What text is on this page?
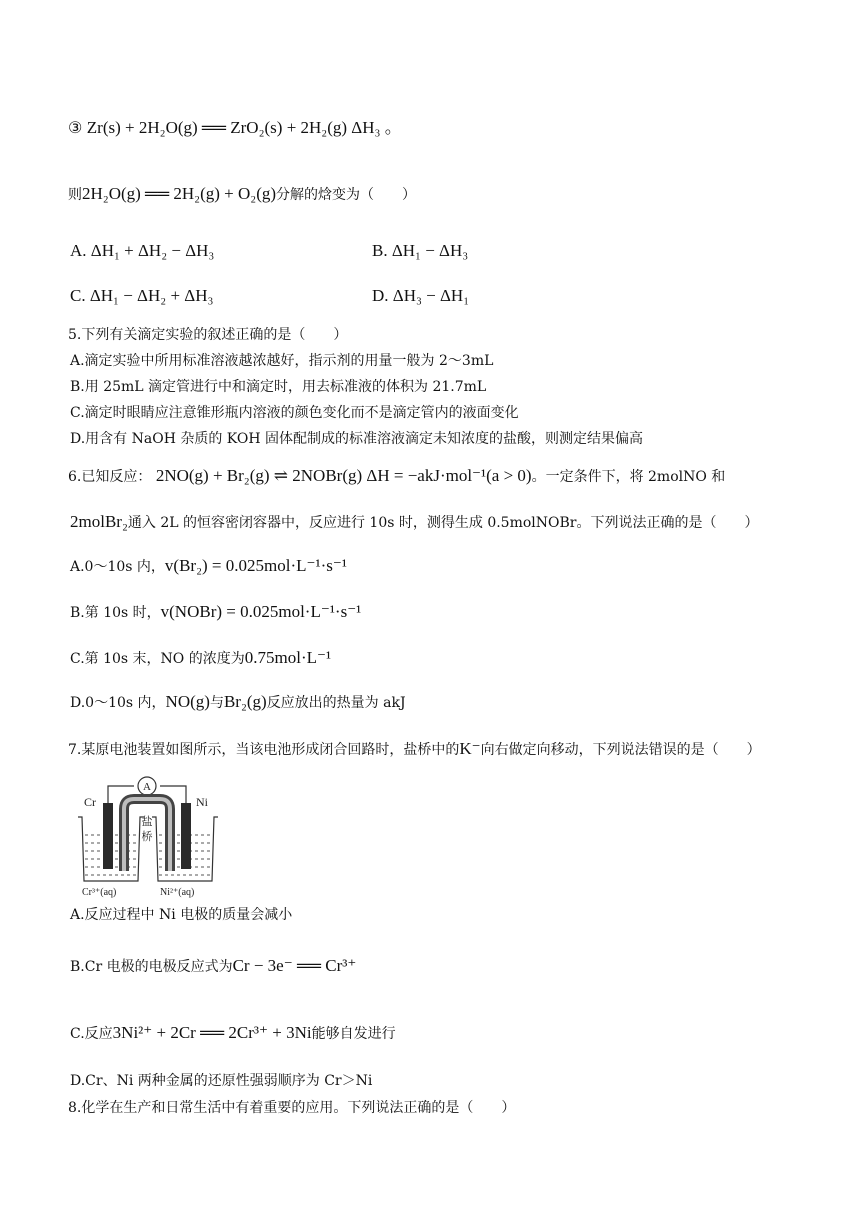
③ Zr(s) + 2H₂O(g) ══ ZrO₂(s) + 2H₂(g) ΔH₃ 。
则2H₂O(g) ══ 2H₂(g) + O₂(g)分解的焓变为（　　）
A. ΔH₁ + ΔH₂ − ΔH₃	B. ΔH₁ − ΔH₃
C. ΔH₁ − ΔH₂ + ΔH₃	D. ΔH₃ − ΔH₁
5.下列有关滴定实验的叙述正确的是（　　）
A.滴定实验中所用标准溶液越浓越好，指示剂的用量一般为 2～3mL
B.用 25mL 滴定管进行中和滴定时，用去标准液的体积为 21.7mL
C.滴定时眼睛应注意锥形瓶内溶液的颜色变化而不是滴定管内的液面变化
D.用含有 NaOH 杂质的 KOH 固体配制成的标准溶液滴定未知浓度的盐酸，则测定结果偏高
6.已知反应： 2NO(g) + Br₂(g) ⇌ 2NOBr(g) ΔH = −akJ·mol⁻¹(a > 0)。一定条件下，将 2molNO 和
2molBr₂通入 2L 的恒容密闭容器中，反应进行 10s 时，测得生成 0.5molNOBr。下列说法正确的是（　　）
A.0～10s 内，v(Br₂) = 0.025mol·L⁻¹·s⁻¹
B.第 10s 时，v(NOBr) = 0.025mol·L⁻¹·s⁻¹
C.第 10s 末，NO 的浓度为0.75mol·L⁻¹
D.0～10s 内，NO(g)与Br₂(g)反应放出的热量为 akJ
7.某原电池装置如图所示，当该电池形成闭合回路时，盐桥中的K⁻向右做定向移动，下列说法错误的是（　　）
A
Cr	Ni
盐
桥
Cr³⁺(aq)	Ni²⁺(aq)
A.反应过程中 Ni 电极的质量会减小
B.Cr 电极的电极反应式为Cr − 3e⁻ ══ Cr³⁺
C.反应3Ni²⁺ + 2Cr ══ 2Cr³⁺ + 3Ni能够自发进行
D.Cr、Ni 两种金属的还原性强弱顺序为 Cr＞Ni
8.化学在生产和日常生活中有着重要的应用。下列说法正确的是（　　）
